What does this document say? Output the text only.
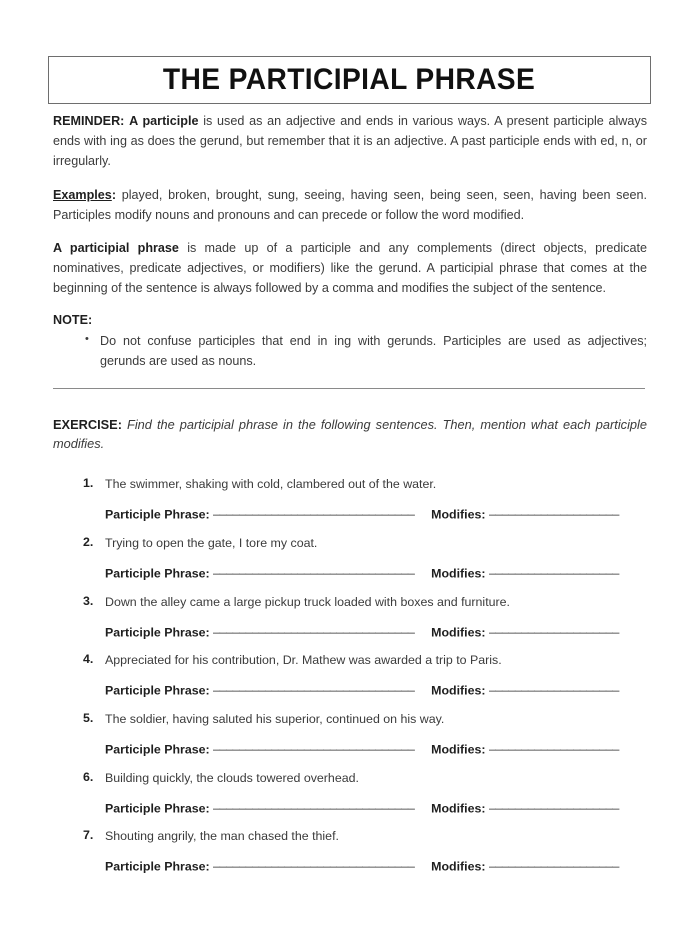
THE PARTICIPIAL PHRASE

REMINDER: A participle is used as an adjective and ends in various ways. A present participle always ends with ing as does the gerund, but remember that it is an adjective. A past participle ends with ed, n, or irregularly.

Examples: played, broken, brought, sung, seeing, having seen, being seen, seen, having been seen. Participles modify nouns and pronouns and can precede or follow the word modified.

A participial phrase is made up of a participle and any complements (direct objects, predicate nominatives, predicate adjectives, or modifiers) like the gerund. A participial phrase that comes at the beginning of the sentence is always followed by a comma and modifies the subject of the sentence.

NOTE:
• Do not confuse participles that end in ing with gerunds. Participles are used as adjectives; gerunds are used as nouns.

EXERCISE: Find the participial phrase in the following sentences. Then, mention what each participle modifies.

The swimmer, shaking with cold, clambered out of the water.
Participle Phrase: _______________________________ Modifies: ____________________
Trying to open the gate, I tore my coat.
Participle Phrase: _______________________________ Modifies: ____________________
Down the alley came a large pickup truck loaded with boxes and furniture.
Participle Phrase: _______________________________ Modifies: ____________________
Appreciated for his contribution, Dr. Mathew was awarded a trip to Paris.
Participle Phrase: _______________________________ Modifies: ____________________
The soldier, having saluted his superior, continued on his way.
Participle Phrase: _______________________________ Modifies: ____________________
Building quickly, the clouds towered overhead.
Participle Phrase: _______________________________ Modifies: ____________________
Shouting angrily, the man chased the thief.
Participle Phrase: _______________________________ Modifies: ____________________
